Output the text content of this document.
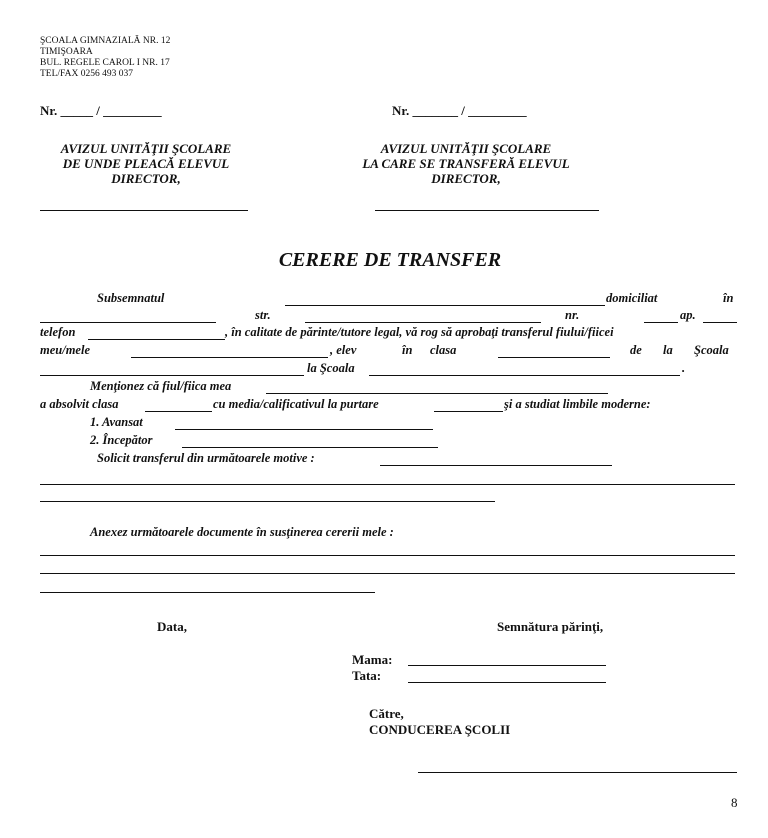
ŞCOALA GIMNAZIALĂ NR. 12
TIMIŞOARA
BUL. REGELE CAROL I NR. 17
TEL/FAX 0256 493 037
Nr. _____ / _________	Nr. _______ / _________
AVIZUL UNITĂŢII ŞCOLARE
DE UNDE PLEACĂ ELEVUL
DIRECTOR,
AVIZUL UNITĂŢII ŞCOLARE
LA CARE SE TRANSFERĂ ELEVUL
DIRECTOR,
CERERE DE TRANSFER
Subsemnatul	domiciliat	în
str.	nr.	ap.
telefon	, în calitate de părinte/tutore legal, vă rog să aprobaţi transferul fiului/fiicei
meu/mele	, elev	în clasa	de la Şcoala
la Şcoala	.
Menţionez că fiul/fiica mea
a absolvit clasa	cu media/calificativul la purtare	şi a studiat limbile moderne:
1. Avansat
2. Începător
Solicit transferul din următoarele motive :
Anexez următoarele documente în susţinerea cererii mele :
Data,	Semnătura părinţi,
Mama:
Tata:
Către,
CONDUCEREA ŞCOLII
8
